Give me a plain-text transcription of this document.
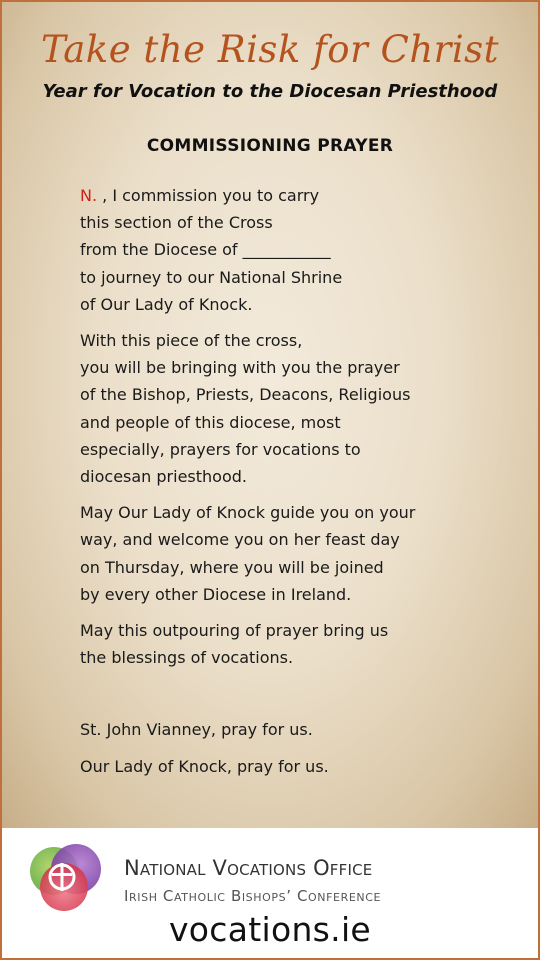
Take the Risk for Christ
Year for Vocation to the Diocesan Priesthood
COMMISSIONING PRAYER
N. , I commission you to carry
this section of the Cross
from the Diocese of ___________
to journey to our National Shrine
of Our Lady of Knock.
With this piece of the cross,
you will be bringing with you the prayer
of the Bishop, Priests, Deacons, Religious
and people of this diocese, most
especially, prayers for vocations to
diocesan priesthood.
May Our Lady of Knock guide you on your
way, and welcome you on her feast day
on Thursday, where you will be joined
by every other Diocese in Ireland.
May this outpouring of prayer bring us
the blessings of vocations.
St. John Vianney, pray for us.
Our Lady of Knock, pray for us.
National Vocations Office
Irish Catholic Bishops’ Conference
vocations.ie
